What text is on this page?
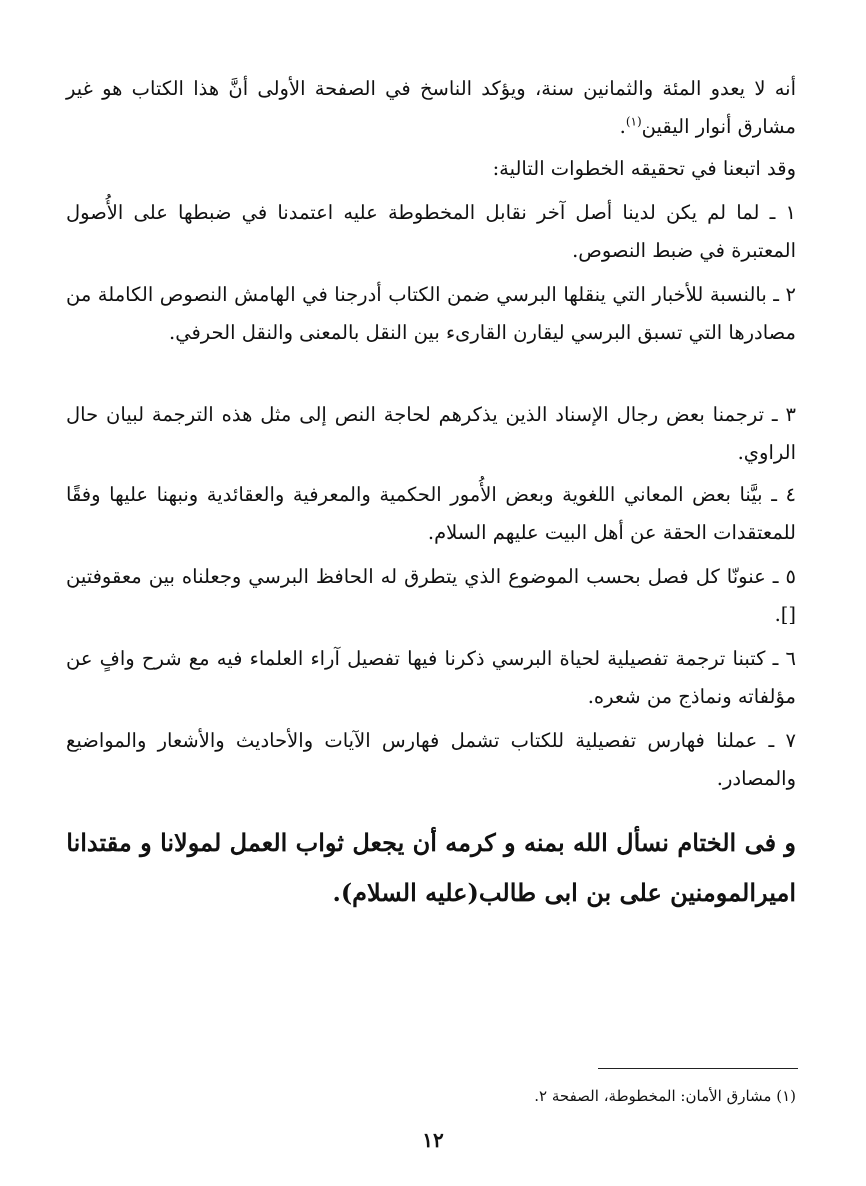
أنه لا يعدو المئة والثمانين سنة، ويؤكد الناسخ في الصفحة الأولى أنَّ هذا الكتاب هو غير مشارق أنوار اليقين$^{(١)}$.

وقد اتبعنا في تحقيقه الخطوات التالية:

١ ـ لما لم يكن لدينا أصل آخر نقابل المخطوطة عليه اعتمدنا في ضبطها على الأُصول المعتبرة في ضبط النصوص.

٢ ـ بالنسبة للأخبار التي ينقلها البرسي ضمن الكتاب أدرجنا في الهامش النصوص الكاملة من مصادرها التي تسبق البرسي ليقارن القارىء بين النقل بالمعنى والنقل الحرفي.

٣ ـ ترجمنا بعض رجال الإسناد الذين يذكرهم لحاجة النص إلى مثل هذه الترجمة لبيان حال الراوي.

٤ ـ بيَّنا بعض المعاني اللغوية وبعض الأُمور الحكمية والمعرفية والعقائدية ونبهنا عليها وفقًا للمعتقدات الحقة عن أهل البيت عليهم السلام.

٥ ـ عنونّا كل فصل بحسب الموضوع الذي يتطرق له الحافظ البرسي وجعلناه بين معقوفتين [].

٦ ـ كتبنا ترجمة تفصيلية لحياة البرسي ذكرنا فيها تفصيل آراء العلماء فيه مع شرح وافٍ عن مؤلفاته ونماذج من شعره.

٧ ـ عملنا فهارس تفصيلية للكتاب تشمل فهارس الآيات والأحاديث والأشعار والمواضيع والمصادر.

و فى الختام نسأل الله بمنه و كرمه أن يجعل ثواب العمل لمولانا و مقتدانا اميرالمومنين على بن ابى طالب(عليه السلام).

(١) مشارق الأمان: المخطوطة، الصفحة ٢.

١٢
